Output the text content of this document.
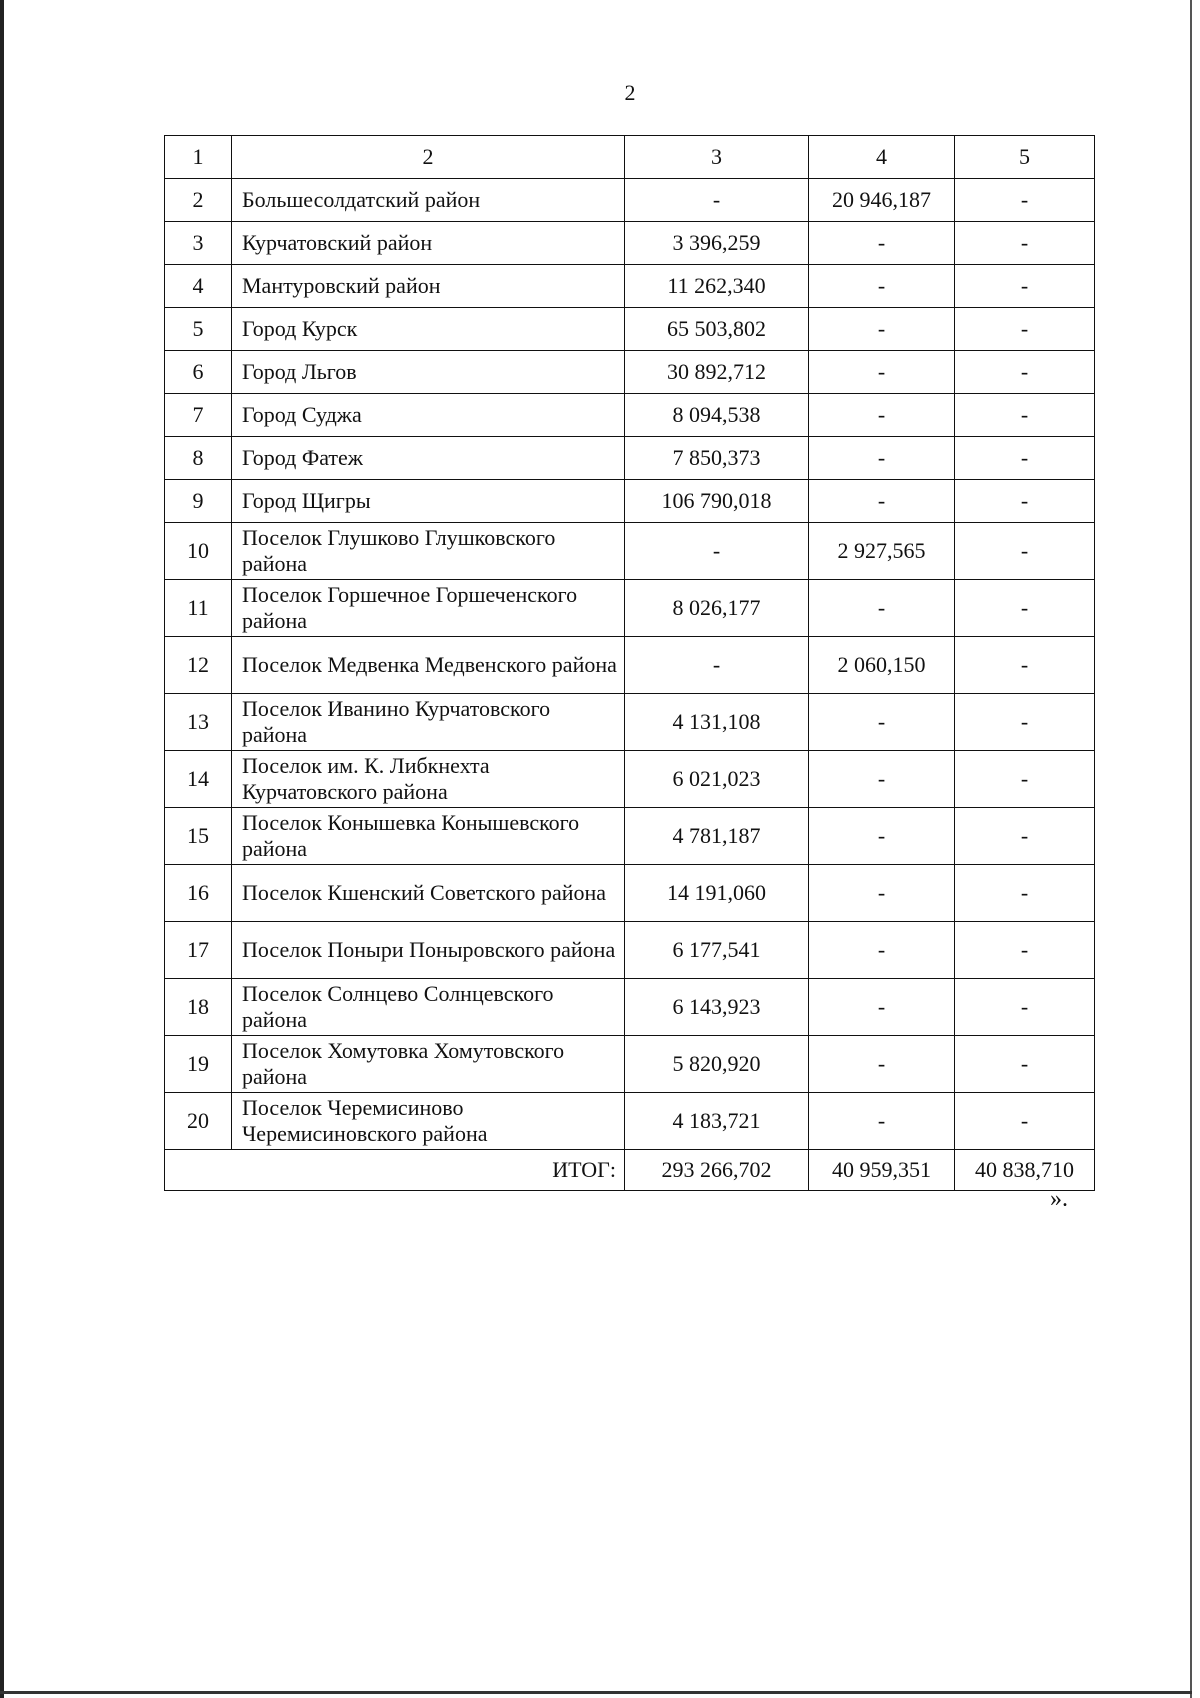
2
1	2	3	4	5
2	Большесолдатский район	-	20 946,187	-
3	Курчатовский район	3 396,259	-	-
4	Мантуровский район	11 262,340	-	-
5	Город Курск	65 503,802	-	-
6	Город Льгов	30 892,712	-	-
7	Город Суджа	8 094,538	-	-
8	Город Фатеж	7 850,373	-	-
9	Город Щигры	106 790,018	-	-
10	Поселок Глушково Глушковского района	-	2 927,565	-
11	Поселок Горшечное Горшеченского района	8 026,177	-	-
12	Поселок Медвенка Медвенского района	-	2 060,150	-
13	Поселок Иванино Курчатовского района	4 131,108	-	-
14	Поселок им. К. Либкнехта Курчатовского района	6 021,023	-	-
15	Поселок Конышевка Конышевского района	4 781,187	-	-
16	Поселок Кшенский Советского района	14 191,060	-	-
17	Поселок Поныри Поныровского района	6 177,541	-	-
18	Поселок Солнцево Солнцевского района	6 143,923	-	-
19	Поселок Хомутовка Хомутовского района	5 820,920	-	-
20	Поселок Черемисиново Черемисиновского района	4 183,721	-	-
ИТОГ:		293 266,702	40 959,351	40 838,710
».
